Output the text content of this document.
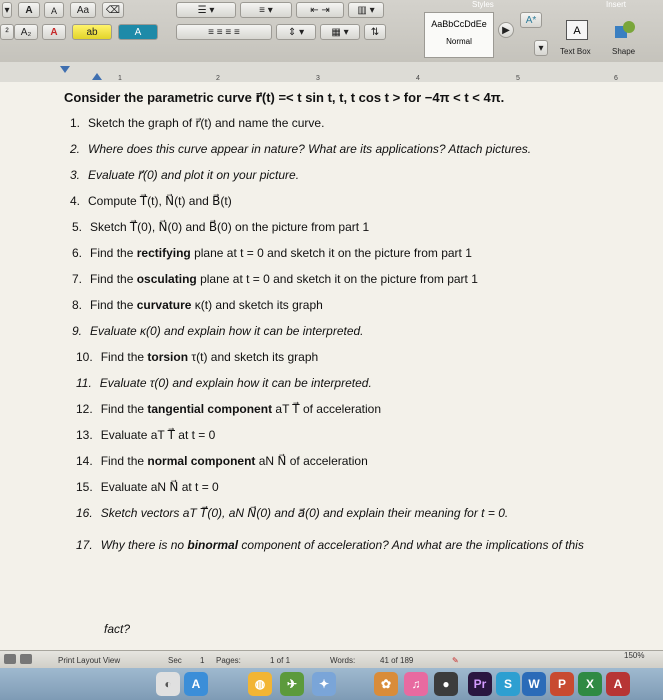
Styles	Insert
▾	A	A	Aa	⌫
²	A₂	A	ab	A
☰ ▾	≡ ▾	⇤ ⇥	▥ ▾
≡ ≡ ≡ ≡	⇕ ▾	▦ ▾	⇅
AaBbCcDdEe
Normal
▶
A*
▾
A
Text Box	Shape
1	2	3	4	5	6
Consider the parametric curve r⃗(t) =< t sin t, t, t cos t > for −4π < t < 4π.
1. Sketch the graph of r⃗(t) and name the curve.
2. Where does this curve appear in nature? What are its applications? Attach pictures.
3. Evaluate r⃗(0) and plot it on your picture.
4. Compute T⃗(t), N⃗(t) and B⃗(t)
5. Sketch T⃗(0), N⃗(0) and B⃗(0) on the picture from part 1
6. Find the rectifying plane at t = 0 and sketch it on the picture from part 1
7. Find the osculating plane at t = 0 and sketch it on the picture from part 1
8. Find the curvature κ(t) and sketch its graph
9. Evaluate κ(0) and explain how it can be interpreted.
10. Find the torsion τ(t) and sketch its graph
11. Evaluate τ(0) and explain how it can be interpreted.
12. Find the tangential component aT T⃗ of acceleration
13. Evaluate aT T⃗ at t = 0
14. Find the normal component aN N⃗ of acceleration
15. Evaluate aN N⃗ at t = 0
16. Sketch vectors aT T⃗(0), aN N⃗(0) and a⃗(0) and explain their meaning for t = 0.
17. Why there is no binormal component of acceleration? And what are the implications of this
fact?
Print Layout View	Sec 1 Pages:	1 of 1	Words:	41 of 189	✎
150%
◐	A	◍	✈	✦	✿	♫	●	Pr	S	W	P	X	A
